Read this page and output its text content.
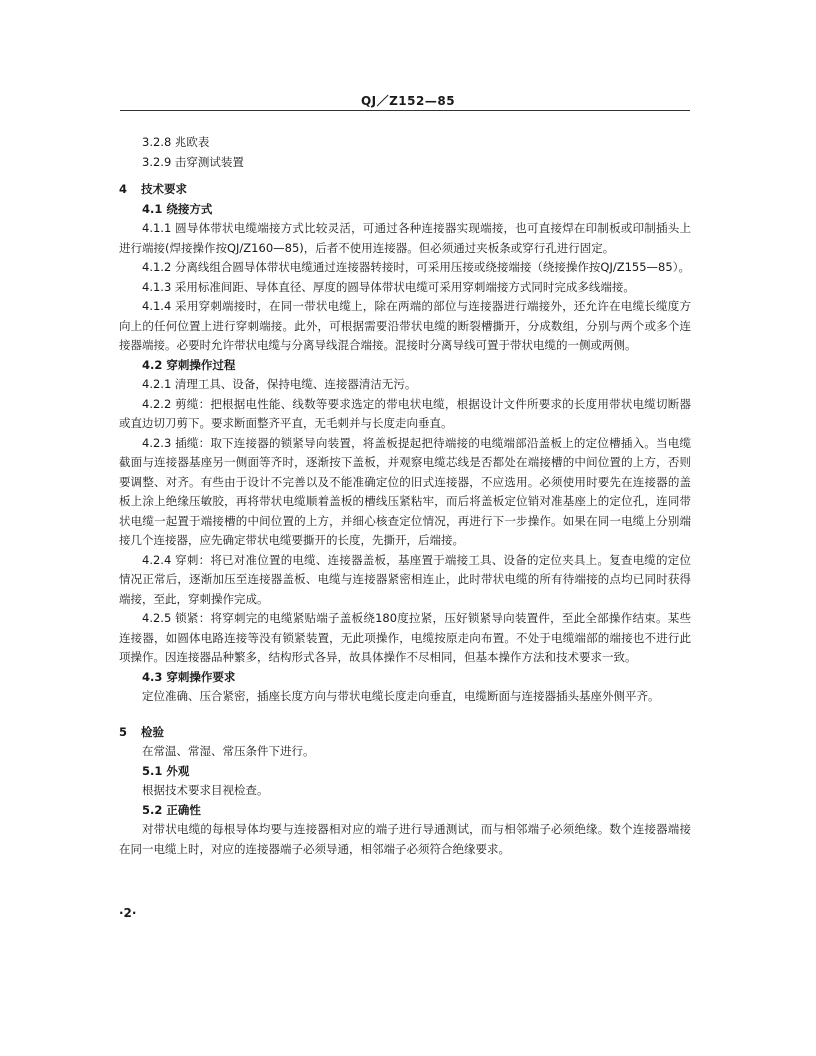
QJ／Z152—85

3.2.8 兆欧表

3.2.9 击穿测试装置

4 技术要求

4.1 绕接方式

4.1.1 圆导体带状电缆端接方式比较灵活，可通过各种连接器实现端接，也可直接焊在印制板或印制插头上进行端接(焊接操作按QJ/Z160—85)，后者不使用连接器。但必须通过夹板条或穿行孔进行固定。

4.1.2 分离线组合圆导体带状电缆通过连接器转接时，可采用压接或绕接端接（绕接操作按QJ/Z155—85）。

4.1.3 采用标准间距、导体直径、厚度的圆导体带状电缆可采用穿刺端接方式同时完成多线端接。

4.1.4 采用穿刺端接时，在同一带状电缆上，除在两端的部位与连接器进行端接外，还允许在电缆长缆度方向上的任何位置上进行穿刺端接。此外，可根据需要沿带状电缆的断裂槽撕开，分成数组，分别与两个或多个连接器端接。必要时允许带状电缆与分离导线混合端接。混接时分离导线可置于带状电缆的一侧或两侧。

4.2 穿刺操作过程

4.2.1 清理工具、设备，保持电缆、连接器清洁无污。

4.2.2 剪缆：把根据电性能、线数等要求选定的带电状电缆，根据设计文件所要求的长度用带状电缆切断器或直边切刀剪下。要求断面整齐平直，无毛刺并与长度走向垂直。

4.2.3 插缆：取下连接器的锁紧导向装置，将盖板提起把待端接的电缆端部沿盖板上的定位槽插入。当电缆截面与连接器基座另一侧面等齐时，逐渐按下盖板，并观察电缆芯线是否都处在端接槽的中间位置的上方，否则要调整、对齐。有些由于设计不完善以及不能准确定位的旧式连接器，不应选用。必须使用时要先在连接器的盖板上涂上绝缘压敏胶，再将带状电缆顺着盖板的槽线压紧粘牢，而后将盖板定位销对准基座上的定位孔，连同带状电缆一起置于端接槽的中间位置的上方，并细心核查定位情况，再进行下一步操作。如果在同一电缆上分别端接几个连接器，应先确定带状电缆要撕开的长度，先撕开，后端接。

4.2.4 穿刺：将已对准位置的电缆、连接器盖板，基座置于端接工具、设备的定位夹具上。复查电缆的定位情况正常后，逐渐加压至连接器盖板、电缆与连接器紧密相连止，此时带状电缆的所有待端接的点均已同时获得端接，至此，穿刺操作完成。

4.2.5 锁紧：将穿刺完的电缆紧贴端子盖板绕180度拉紧，压好锁紧导向装置件，至此全部操作结束。某些连接器，如圆体电路连接等没有锁紧装置，无此项操作，电缆按原走向布置。不处于电缆端部的端接也不进行此项操作。因连接器品种繁多，结构形式各异，故具体操作不尽相同，但基本操作方法和技术要求一致。

4.3 穿刺操作要求

定位准确、压合紧密，插座长度方向与带状电缆长度走向垂直，电缆断面与连接器插头基座外侧平齐。

5 检验

在常温、常湿、常压条件下进行。

5.1 外观

根据技术要求目视检查。

5.2 正确性

对带状电缆的每根导体均要与连接器相对应的端子进行导通测试，而与相邻端子必须绝缘。数个连接器端接在同一电缆上时，对应的连接器端子必须导通，相邻端子必须符合绝缘要求。

·2·
